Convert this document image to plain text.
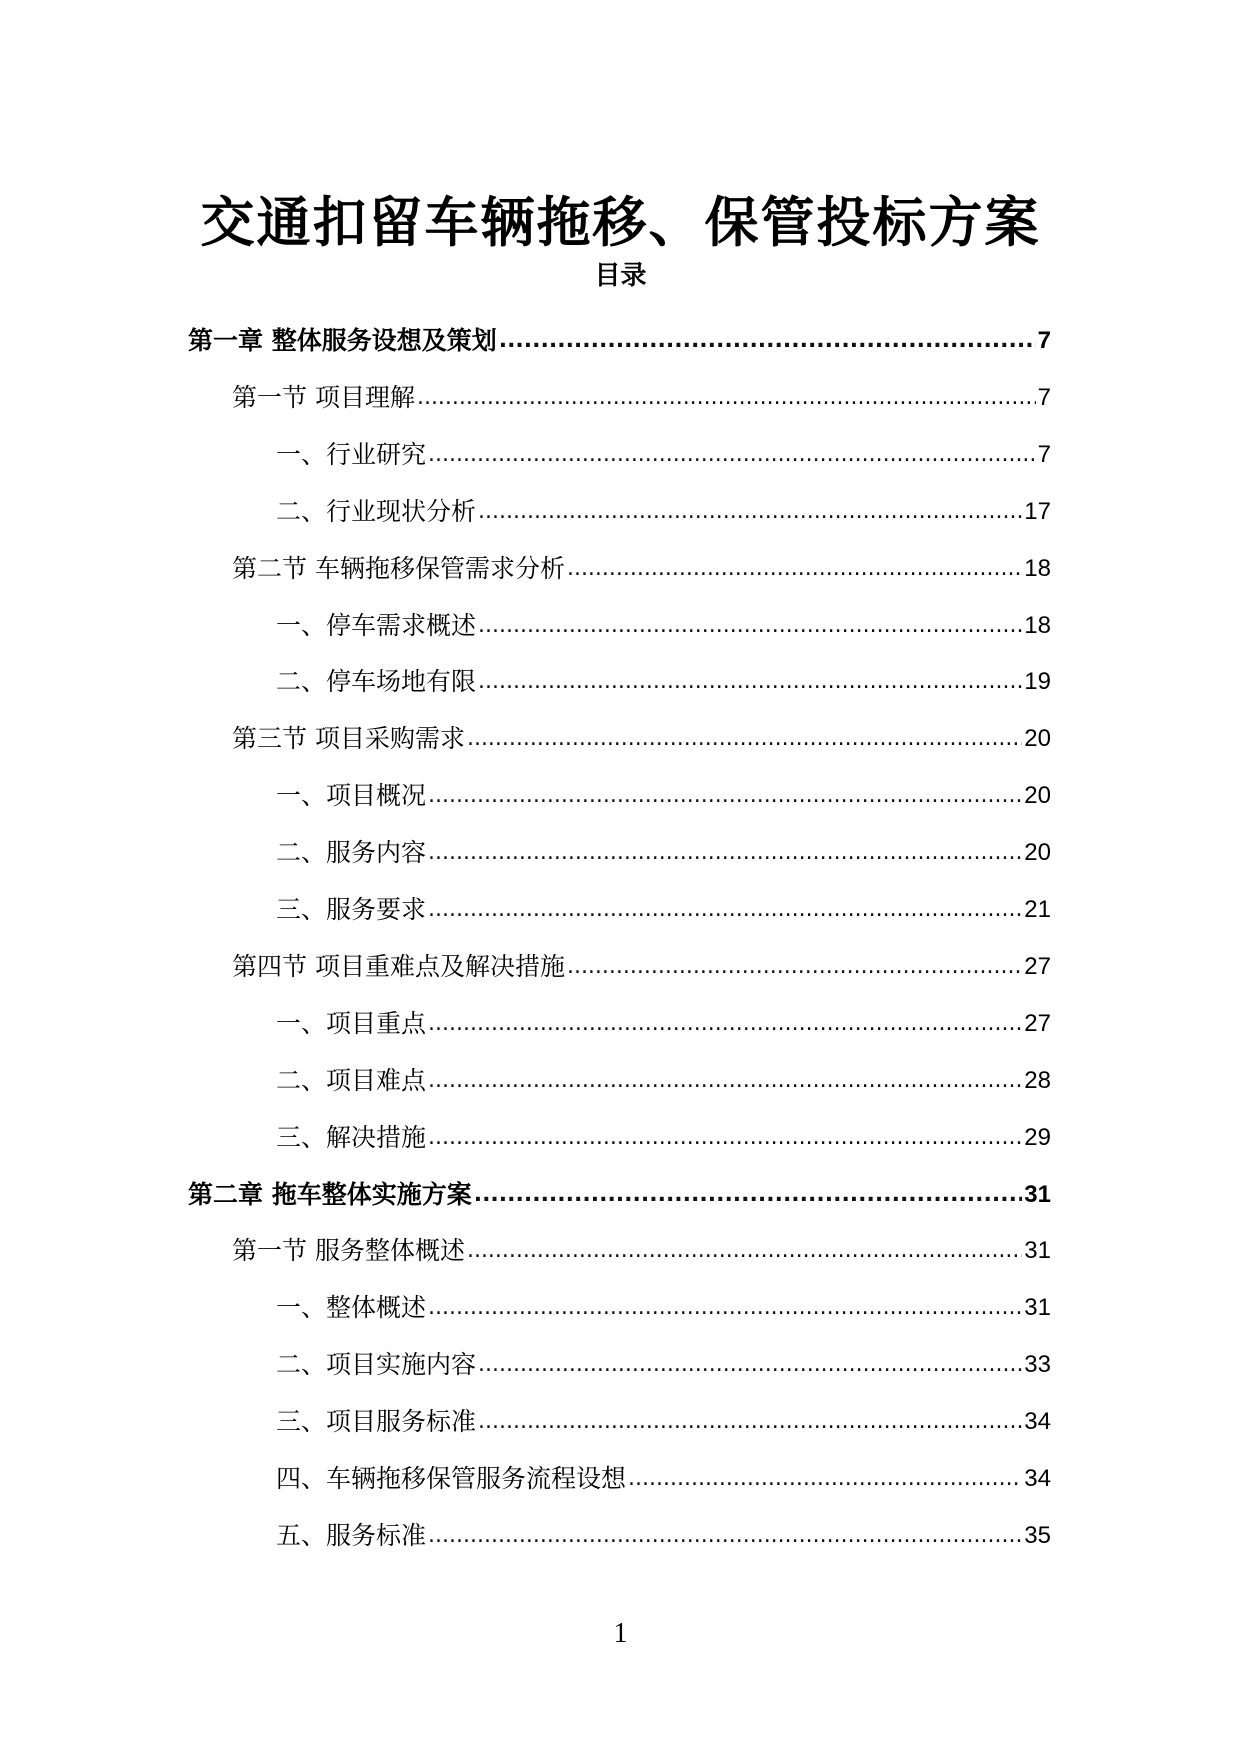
交通扣留车辆拖移、保管投标方案
目录
第一章 整体服务设想及策划 .....	7
第一节 项目理解 .....	7
一、行业研究 .....	7
二、行业现状分析 .....	17
第二节 车辆拖移保管需求分析 .....	18
一、停车需求概述 .....	18
二、停车场地有限 .....	19
第三节 项目采购需求 .....	20
一、项目概况 .....	20
二、服务内容 .....	20
三、服务要求 .....	21
第四节 项目重难点及解决措施 .....	27
一、项目重点 .....	27
二、项目难点 .....	28
三、解决措施 .....	29
第二章 拖车整体实施方案 .....	31
第一节 服务整体概述 .....	31
一、整体概述 .....	31
二、项目实施内容 .....	33
三、项目服务标准 .....	34
四、车辆拖移保管服务流程设想 .....	34
五、服务标准 .....	35
1
